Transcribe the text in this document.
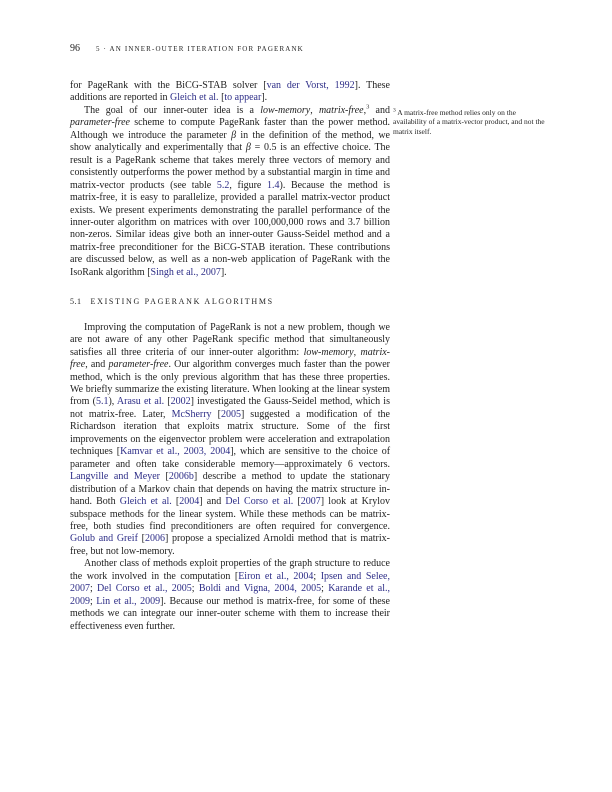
96 5 · AN INNER-OUTER ITERATION FOR PAGERANK

for PageRank with the BiCG-STAB solver [van der Vorst, 1992]. These additions are reported in Gleich et al. [to appear].

The goal of our inner-outer idea is a low-memory, matrix-free,$^3$ and parameter-free scheme to compute PageRank faster than the power method. Although we introduce the parameter β in the definition of the method, we show analytically and experimentally that β = 0.5 is an effective choice. The result is a PageRank scheme that takes merely three vectors of memory and consistently outperforms the power method by a substantial margin in time and matrix-vector products (see table 5.2, figure 1.4). Because the method is matrix-free, it is easy to parallelize, provided a parallel matrix-vector product exists. We present experiments demonstrating the parallel performance of the inner-outer algorithm on matrices with over 100,000,000 rows and 3.7 billion non-zeros. Similar ideas give both an inner-outer Gauss-Seidel method and a matrix-free preconditioner for the BiCG-STAB iteration. These contributions are discussed below, as well as a non-web application of PageRank with the IsoRank algorithm [Singh et al., 2007].

5.1 EXISTING PAGERANK ALGORITHMS

Improving the computation of PageRank is not a new problem, though we are not aware of any other PageRank specific method that simultaneously satisfies all three criteria of our inner-outer algorithm: low-memory, matrix-free, and parameter-free. Our algorithm converges much faster than the power method, which is the only previous algorithm that has these three properties. We briefly summarize the existing literature. When looking at the linear system from (5.1), Arasu et al. [2002] investigated the Gauss-Seidel method, which is not matrix-free. Later, McSherry [2005] suggested a modification of the Richardson iteration that exploits matrix structure. Some of the first improvements on the eigenvector problem were acceleration and extrapolation techniques [Kamvar et al., 2003, 2004], which are sensitive to the choice of parameter and often take considerable memory—approximately 6 vectors. Langville and Meyer [2006b] describe a method to update the stationary distribution of a Markov chain that depends on having the matrix structure in-hand. Both Gleich et al. [2004] and Del Corso et al. [2007] look at Krylov subspace methods for the linear system. While these methods can be matrix-free, both studies find preconditioners are often required for convergence. Golub and Greif [2006] propose a specialized Arnoldi method that is matrix-free, but not low-memory.

Another class of methods exploit properties of the graph structure to reduce the work involved in the computation [Eiron et al., 2004; Ipsen and Selee, 2007; Del Corso et al., 2005; Boldi and Vigna, 2004, 2005; Karande et al., 2009; Lin et al., 2009]. Because our method is matrix-free, for some of these methods we can integrate our inner-outer scheme with them to increase their effectiveness even further.

$^3$ A matrix-free method relies only on the availability of a matrix-vector product, and not the matrix itself.
